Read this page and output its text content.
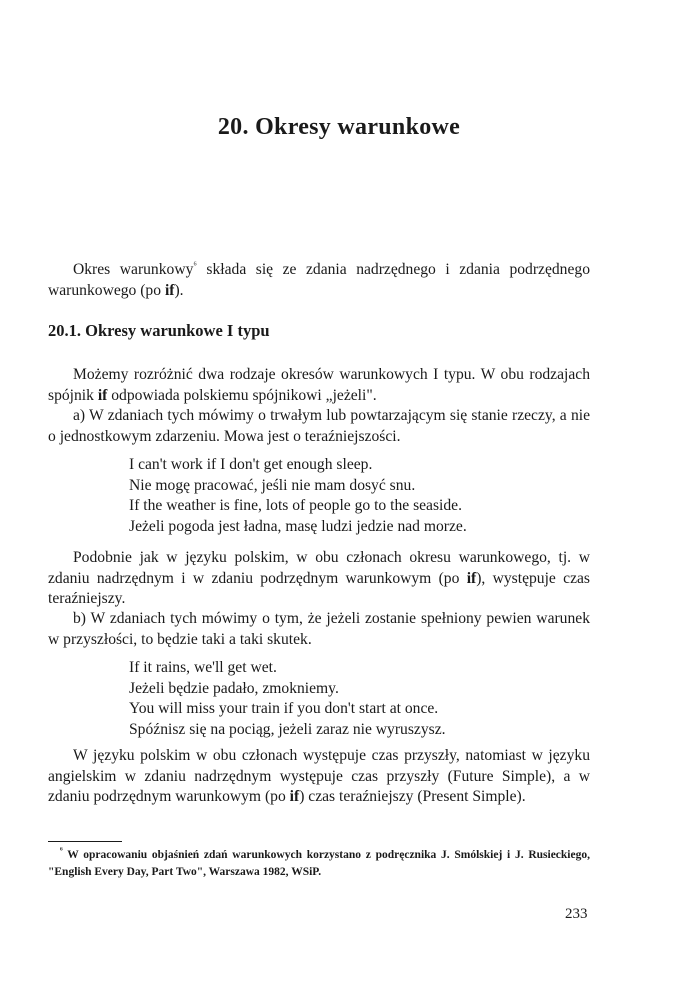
20. Okresy warunkowe

Okres warunkowy$^{^6}$ składa się ze zdania nadrzędnego i zdania podrzędnego warunkowego (po if).

20.1. Okresy warunkowe I typu

Możemy rozróżnić dwa rodzaje okresów warunkowych I typu. W obu rodzajach spójnik if odpowiada polskiemu spójnikowi „jeżeli".

a) W zdaniach tych mówimy o trwałym lub powtarzającym się stanie rzeczy, a nie o jednostkowym zdarzeniu. Mowa jest o teraźniejszości.

I can't work if I don't get enough sleep.
Nie mogę pracować, jeśli nie mam dosyć snu.
If the weather is fine, lots of people go to the seaside.
Jeżeli pogoda jest ładna, masę ludzi jedzie nad morze.

Podobnie jak w języku polskim, w obu członach okresu warunkowego, tj. w zdaniu nadrzędnym i w zdaniu podrzędnym warunkowym (po if), występuje czas teraźniejszy.

b) W zdaniach tych mówimy o tym, że jeżeli zostanie spełniony pewien warunek w przyszłości, to będzie taki a taki skutek.

If it rains, we'll get wet.
Jeżeli będzie padało, zmokniemy.
You will miss your train if you don't start at once.
Spóźnisz się na pociąg, jeżeli zaraz nie wyruszysz.

W języku polskim w obu członach występuje czas przyszły, natomiast w języku angielskim w zdaniu nadrzędnym występuje czas przyszły (Future Simple), a w zdaniu podrzędnym warunkowym (po if) czas teraźniejszy (Present Simple).

$^{^6}$ W opracowaniu objaśnień zdań warunkowych korzystano z podręcznika J. Smólskiej i J. Rusieckiego, "English Every Day, Part Two", Warszawa 1982, WSiP.

233
